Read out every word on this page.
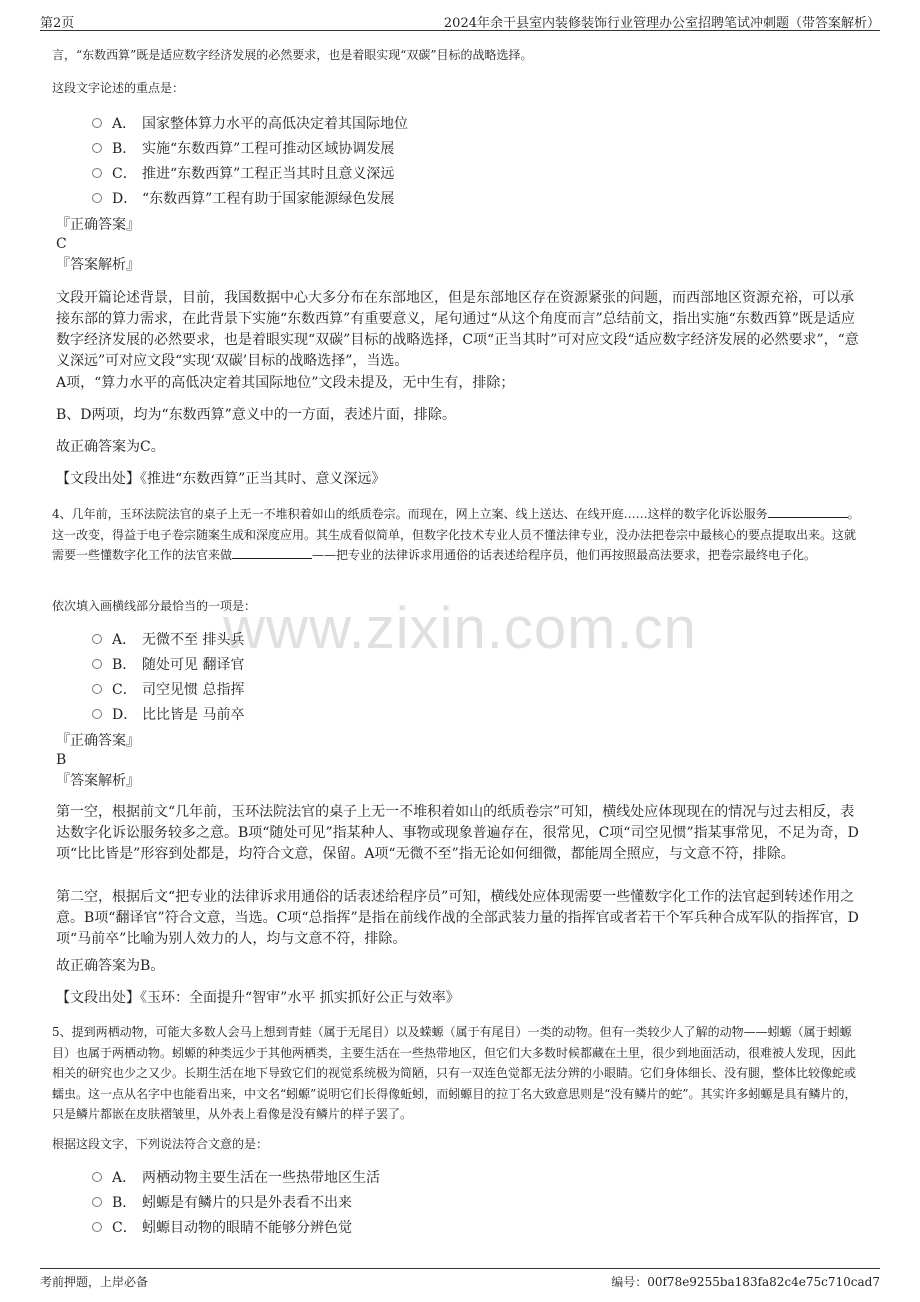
第2页	2024年余干县室内装修装饰行业管理办公室招聘笔试冲刺题（带答案解析）
www.zixin.com.cn
言，“东数西算”既是适应数字经济发展的必然要求，也是着眼实现“双碳”目标的战略选择。
这段文字论述的重点是：
A． 国家整体算力水平的高低决定着其国际地位
B． 实施“东数西算”工程可推动区域协调发展
C． 推进“东数西算”工程正当其时且意义深远
D． “东数西算”工程有助于国家能源绿色发展
『正确答案』
C
『答案解析』
文段开篇论述背景，目前，我国数据中心大多分布在东部地区，但是东部地区存在资源紧张的问题，而西部地区资源充裕，可以承接东部的算力需求，在此背景下实施“东数西算”有重要意义，尾句通过“从这个角度而言”总结前文，指出实施“东数西算”既是适应数字经济发展的必然要求，也是着眼实现“双碳”目标的战略选择，C项“正当其时”可对应文段“适应数字经济发展的必然要求”，“意义深远”可对应文段“实现‘双碳’目标的战略选择”，当选。
A项，“算力水平的高低决定着其国际地位”文段未提及，无中生有，排除；
B、D两项，均为“东数西算”意义中的一方面，表述片面，排除。
故正确答案为C。
【文段出处】《推进“东数西算”正当其时、意义深远》
4、几年前，玉环法院法官的桌子上无一不堆积着如山的纸质卷宗。而现在，网上立案、线上送达、在线开庭……这样的数字化诉讼服务	。这一改变，得益于电子卷宗随案生成和深度应用。其生成看似简单，但数字化技术专业人员不懂法律专业，没办法把卷宗中最核心的要点提取出来。这就需要一些懂数字化工作的法官来做	——把专业的法律诉求用通俗的话表述给程序员，他们再按照最高法要求，把卷宗最终电子化。
依次填入画横线部分最恰当的一项是：
A． 无微不至 排头兵
B． 随处可见 翻译官
C． 司空见惯 总指挥
D． 比比皆是 马前卒
『正确答案』
B
『答案解析』
第一空，根据前文“几年前，玉环法院法官的桌子上无一不堆积着如山的纸质卷宗”可知，横线处应体现现在的情况与过去相反，表达数字化诉讼服务较多之意。B项“随处可见”指某种人、事物或现象普遍存在，很常见，C项“司空见惯”指某事常见，不足为奇，D项“比比皆是”形容到处都是，均符合文意，保留。A项“无微不至”指无论如何细微，都能周全照应，与文意不符，排除。
第二空，根据后文“把专业的法律诉求用通俗的话表述给程序员”可知，横线处应体现需要一些懂数字化工作的法官起到转述作用之意。B项“翻译官”符合文意，当选。C项“总指挥”是指在前线作战的全部武装力量的指挥官或者若干个军兵种合成军队的指挥官，D项“马前卒”比喻为别人效力的人，均与文意不符，排除。
故正确答案为B。
【文段出处】《玉环：全面提升“智审”水平 抓实抓好公正与效率》
5、提到两栖动物，可能大多数人会马上想到青蛙（属于无尾目）以及蝾螈（属于有尾目）一类的动物。但有一类较少人了解的动物——蚓螈（属于蚓螈目）也属于两栖动物。蚓螈的种类远少于其他两栖类，主要生活在一些热带地区，但它们大多数时候都藏在土里，很少到地面活动，很难被人发现，因此相关的研究也少之又少。长期生活在地下导致它们的视觉系统极为简陋，只有一双连色觉都无法分辨的小眼睛。它们身体细长、没有腿，整体比较像蛇或蠕虫。这一点从名字中也能看出来，中文名“蚓螈”说明它们长得像蚯蚓，而蚓螈目的拉丁名大致意思则是“没有鳞片的蛇”。其实许多蚓螈是具有鳞片的，只是鳞片都嵌在皮肤褶皱里，从外表上看像是没有鳞片的样子罢了。
根据这段文字，下列说法符合文意的是：
A． 两栖动物主要生活在一些热带地区生活
B． 蚓螈是有鳞片的只是外表看不出来
C． 蚓螈目动物的眼睛不能够分辨色觉
考前押题，上岸必备	编号：00f78e9255ba183fa82c4e75c710cad7
